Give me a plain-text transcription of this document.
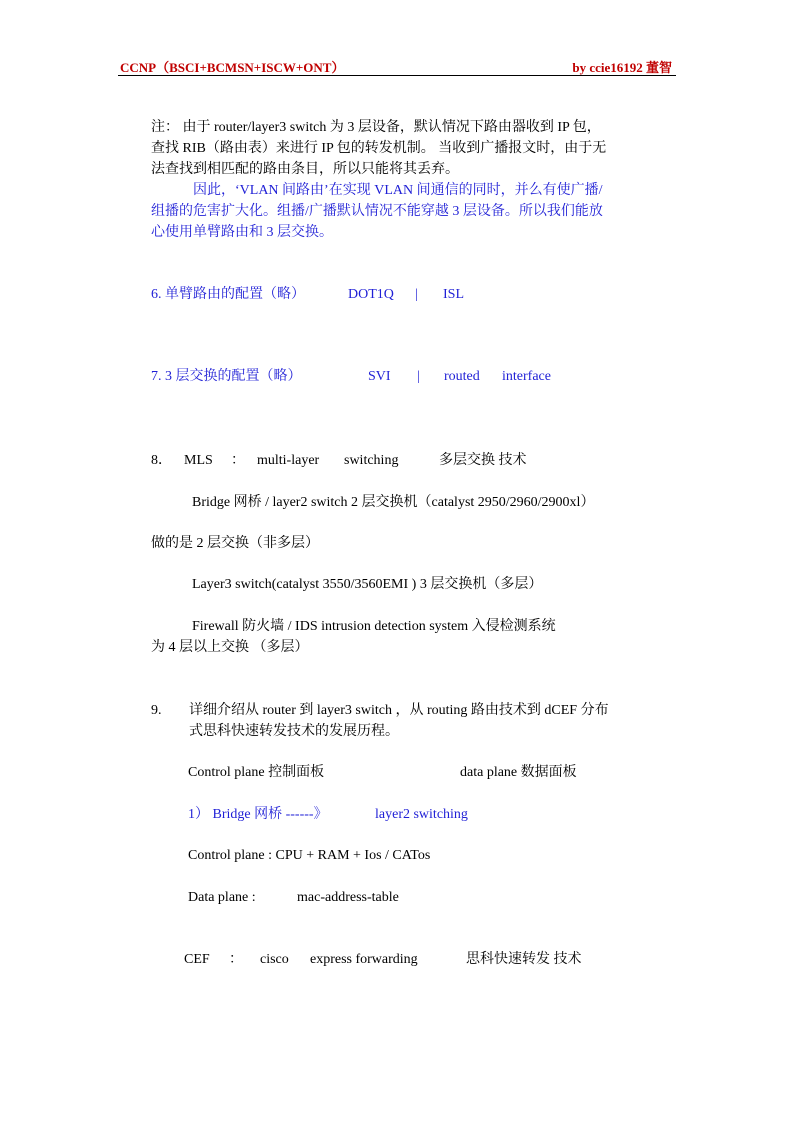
CCNP（BSCI+BCMSN+ISCW+ONT）	by ccie16192 董智

注： 由于 router/layer3 switch 为 3 层设备，默认情况下路由器收到 IP 包，

查找 RIB（路由表）来进行 IP 包的转发机制。 当收到广播报文时，由于无

法查找到相匹配的路由条目，所以只能将其丢弃。

因此，‘VLAN 间路由’在实现 VLAN 间通信的同时，并么有使广播/

组播的危害扩大化。组播/广播默认情况不能穿越 3 层设备。所以我们能放

心使用单臂路由和 3 层交换。

6. 单臂路由的配置（略）	DOT1Q | ISL
7. 3 层交换的配置（略）	SVI | routed interface
8． MLS ： multi-layer switching	多层交换 技术
Bridge 网桥 / layer2 switch 2 层交换机（catalyst 2950/2960/2900xl）
做的是 2 层交换（非多层）
Layer3 switch(catalyst 3550/3560EMI ) 3 层交换机（多层）
Firewall 防火墙 / IDS intrusion detection system 入侵检测系统
为 4 层以上交换 （多层）
9. 详细介绍从 router 到 layer3 switch ，从 routing 路由技术到 dCEF 分布
式思科快速转发技术的发展历程。
Control plane 控制面板	data plane 数据面板
1） Bridge 网桥 ------》	layer2 switching
Control plane : CPU + RAM + Ios / CATos
Data plane :	mac-address-table
CEF ： cisco express forwarding	思科快速转发 技术
